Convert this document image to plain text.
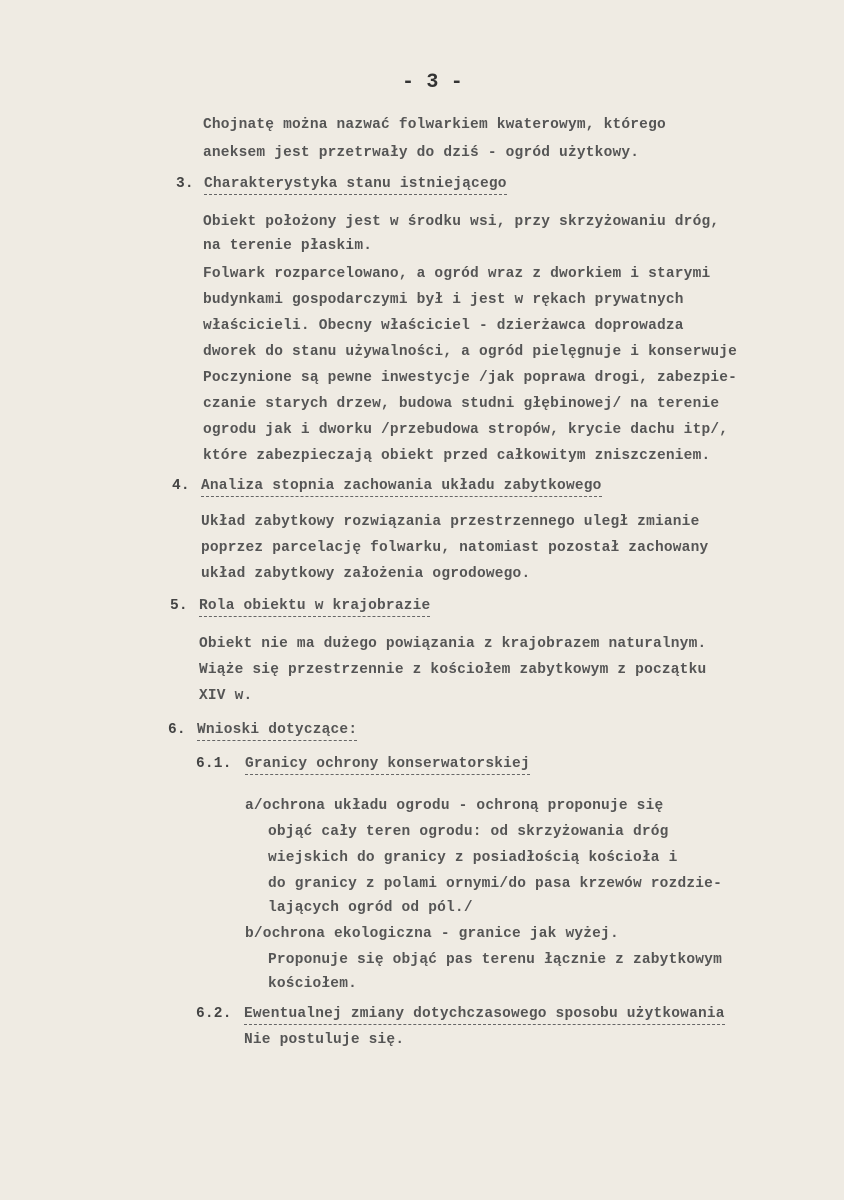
- 3 -
Chojnatę można nazwać folwarkiem kwaterowym, którego
aneksem jest przetrwały do dziś - ogród użytkowy.
3. Charakterystyka stanu istniejącego
Obiekt położony jest w środku wsi, przy skrzyżowaniu dróg,
na terenie płaskim.
Folwark rozparcelowano, a ogród wraz z dworkiem i starymi
budynkami gospodarczymi był i jest w rękach prywatnych
właścicieli. Obecny właściciel - dzierżawca doprowadza
dworek do stanu używalności, a ogród pielęgnuje i konserwuje
Poczynione są pewne inwestycje /jak poprawa drogi, zabezpie-
czanie starych drzew, budowa studni głębinowej/ na terenie
ogrodu jak i dworku /przebudowa stropów, krycie dachu itp/,
które zabezpieczają obiekt przed całkowitym zniszczeniem.
4. Analiza stopnia zachowania układu zabytkowego
Układ zabytkowy rozwiązania przestrzennego uległ zmianie
poprzez parcelację folwarku, natomiast pozostał zachowany
układ zabytkowy założenia ogrodowego.
5. Rola obiektu w krajobrazie
Obiekt nie ma dużego powiązania z krajobrazem naturalnym.
Wiąże się przestrzennie z kościołem zabytkowym z początku
XIV w.
6. Wnioski dotyczące:
6.1. Granicy ochrony konserwatorskiej
a/ochrona układu ogrodu - ochroną proponuje się
objąć cały teren ogrodu: od skrzyżowania dróg
wiejskich do granicy z posiadłością kościoła i
do granicy z polami ornymi/do pasa krzewów rozdzie-
lających ogród od pól./
b/ochrona ekologiczna - granice jak wyżej.
Proponuje się objąć pas terenu łącznie z zabytkowym
kościołem.
6.2. Ewentualnej zmiany dotychczasowego sposobu użytkowania
Nie postuluje się.
